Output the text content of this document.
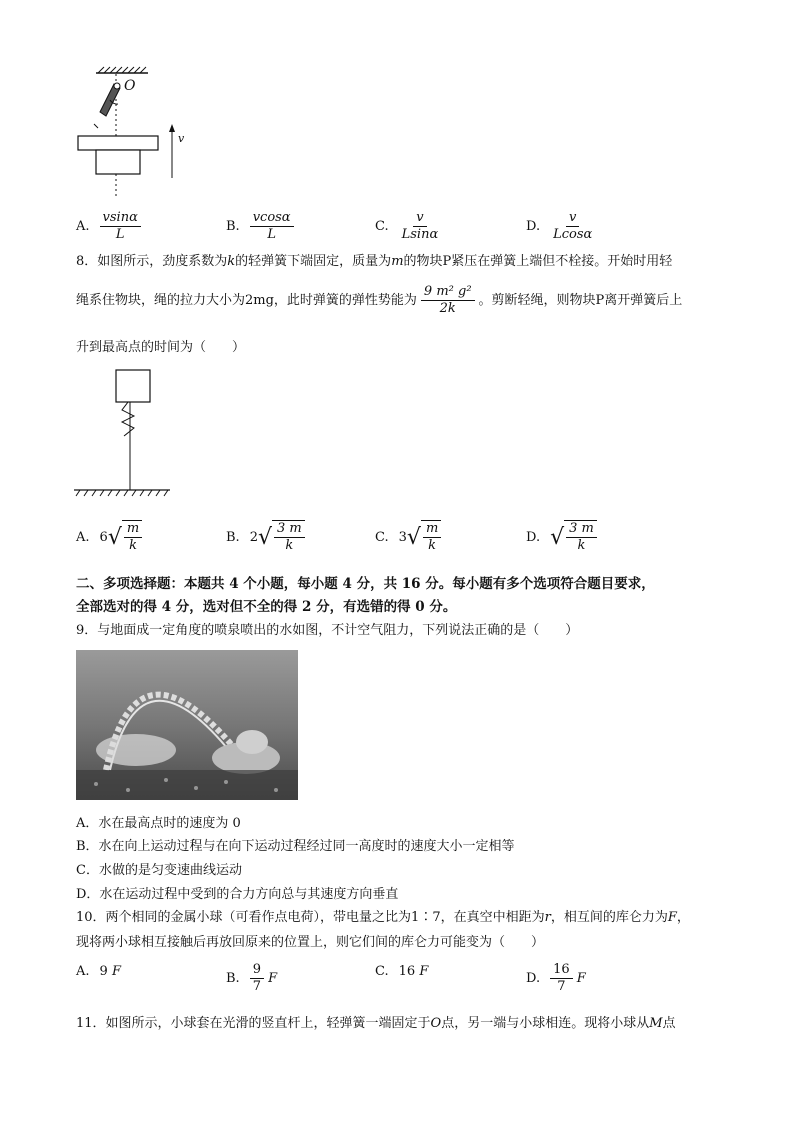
O
v
A. $\frac{vsin\alpha}{L}$	B. $\frac{vcos\alpha}{L}$	C. $\frac{v}{Lsin\alpha}$	D. $\frac{v}{Lcos\alpha}$
8．如图所示，劲度系数为k的轻弹簧下端固定，质量为m的物块P紧压在弹簧上端但不栓接。开始时用轻
绳系住物块，绳的拉力大小为2mg，此时弹簧的弹性势能为 $\frac{\text{9 m² g²}}{2k}$ 。剪断轻绳，则物块P离开弹簧后上
升到最高点的时间为（　　）
A. 6 √ $\frac{m}{k}$	B. 2 √ $\frac{3 m}{k}$	C. 3 √ $\frac{m}{k}$	D. √ $\frac{3 m}{k}$
二、多项选择题：本题共 4 个小题，每小题 4 分，共 16 分。每小题有多个选项符合题目要求，
全部选对的得 4 分，选对但不全的得 2 分，有选错的得 0 分。
9．与地面成一定角度的喷泉喷出的水如图，不计空气阻力，下列说法正确的是（　　）
A．水在最高点时的速度为 0
B．水在向上运动过程与在向下运动过程经过同一高度时的速度大小一定相等
C．水做的是匀变速曲线运动
D．水在运动过程中受到的合力方向总与其速度方向垂直
10．两个相同的金属小球（可看作点电荷），带电量之比为1∶7，在真空中相距为r，相互间的库仑力为F，
现将两小球相互接触后再放回原来的位置上，则它们间的库仑力可能变为（　　）
A. 9
F	B. $\frac{9}{7}$
F	C. 16
F	D. $\frac{16}{7}$
F
11．如图所示，小球套在光滑的竖直杆上，轻弹簧一端固定于O点，另一端与小球相连。现将小球从M点
